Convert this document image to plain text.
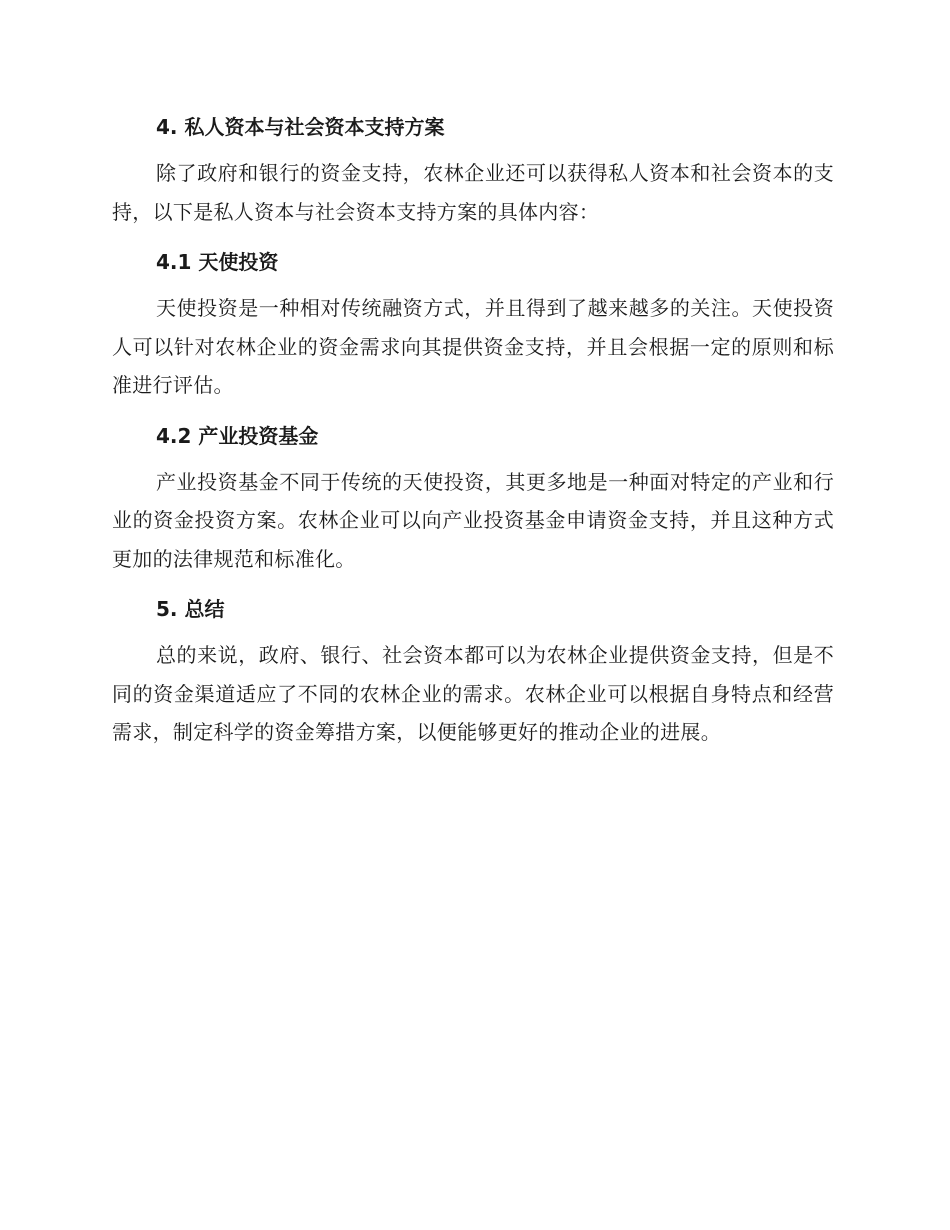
4. 私人资本与社会资本支持方案

除了政府和银行的资金支持，农林企业还可以获得私人资本和社会资本的支持，以下是私人资本与社会资本支持方案的具体内容：

4.1 天使投资

天使投资是一种相对传统融资方式，并且得到了越来越多的关注。天使投资人可以针对农林企业的资金需求向其提供资金支持，并且会根据一定的原则和标准进行评估。

4.2 产业投资基金

产业投资基金不同于传统的天使投资，其更多地是一种面对特定的产业和行业的资金投资方案。农林企业可以向产业投资基金申请资金支持，并且这种方式更加的法律规范和标准化。

5. 总结

总的来说，政府、银行、社会资本都可以为农林企业提供资金支持，但是不同的资金渠道适应了不同的农林企业的需求。农林企业可以根据自身特点和经营需求，制定科学的资金筹措方案，以便能够更好的推动企业的进展。
